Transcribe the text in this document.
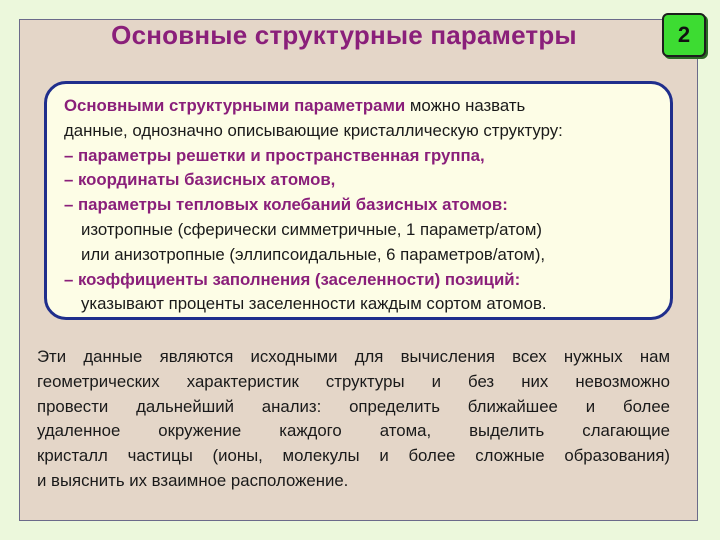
Основные структурные параметры	2
Основными структурными параметрами можно назвать
данные, однозначно описывающие кристаллическую структуру:
– параметры решетки и пространственная группа,
– координаты базисных атомов,
– параметры тепловых колебаний базисных атомов:
изотропные (сферически симметричные, 1 параметр/атом)
или анизотропные (эллипсоидальные, 6 параметров/атом),
– коэффициенты заполнения (заселенности) позиций:
указывают проценты заселенности каждым сортом атомов.
Эти данные являются исходными для вычисления всех нужных нам
геометрических характеристик структуры и без них невозможно
провести дальнейший анализ: определить ближайшее и более
удаленное окружение каждого атома, выделить слагающие
кристалл частицы (ионы, молекулы и более сложные образования)
и выяснить их взаимное расположение.
